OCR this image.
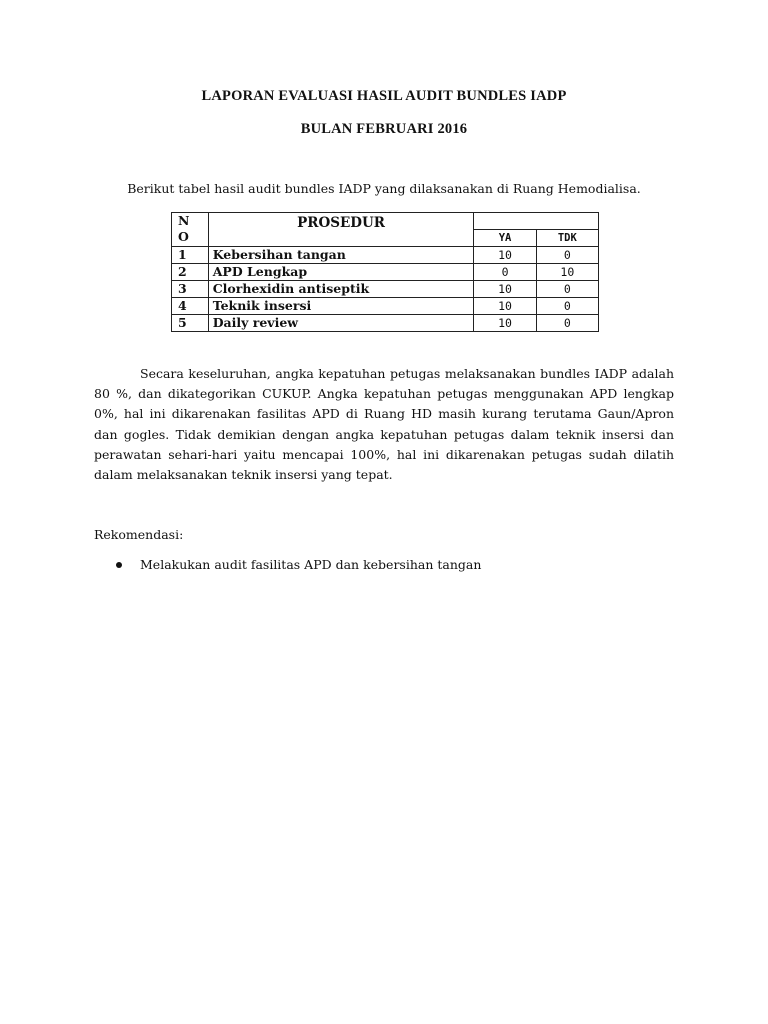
LAPORAN EVALUASI HASIL AUDIT BUNDLES IADP
BULAN FEBRUARI 2016
Berikut tabel hasil audit bundles IADP yang dilaksanakan di Ruang Hemodialisa.
N
O	PROSEDUR		
		YA	TDK
1	Kebersihan tangan	10	0
2	APD Lengkap	0	10
3	Clorhexidin antiseptik	10	0
4	Teknik insersi	10	0
5	Daily review	10	0
Secara keseluruhan, angka kepatuhan petugas melaksanakan bundles IADP adalah 80 %, dan dikategorikan CUKUP. Angka kepatuhan petugas menggunakan APD lengkap 0%, hal ini dikarenakan fasilitas APD di Ruang HD masih kurang terutama Gaun/Apron dan gogles. Tidak demikian dengan angka kepatuhan petugas dalam teknik insersi dan perawatan sehari-hari yaitu mencapai 100%, hal ini dikarenakan petugas sudah dilatih dalam melaksanakan teknik insersi yang tepat.
Rekomendasi:
Melakukan audit fasilitas APD dan kebersihan tangan
